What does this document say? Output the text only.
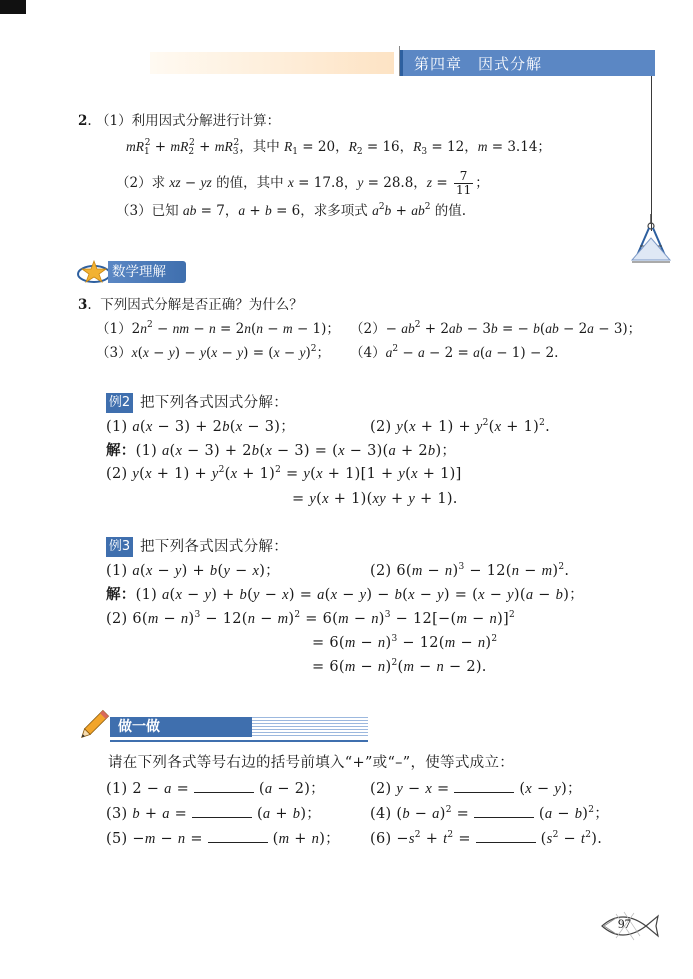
第四章　因式分解
2. （1）利用因式分解进行计算：
$mR_1^2 + mR_2^2 + mR_3^2$，其中 $R_1 = 20$，$R_2 = 16$，$R_3 = 12$，m = 3.14；
（2）求 xz − yz 的值，其中 x = 17.8，y = 28.8，$z = \frac{7}{11}$ ；
（3）已知 ab = 7，a + b = 6，求多项式 $a^2b + ab^2$ 的值.
数学理解
3.  下列因式分解是否正确？为什么？
$(1)2n^2$ − nm − n = 2n(n − m − 1)； $(2)- ab^2 + 2ab - 3b$ = − b(ab − 2a − 3)；
$(3)x(x - y) - y(x - y) = (x - y)^2$； $(4)a^2 - a - 2 = a(a - 1) - 2$.
例2 把下列各式因式分解：
(1) a(x − 3) + 2b(x − 3)；	(2) $y(x + 1) + y^2(x + 1)^2$.
解：(1) a(x − 3) + 2b(x − 3) = (x − 3)(a + 2b)；
(2) $y(x + 1) + y^2(x + 1)^2 = y(x + 1)[1 + y(x + 1)]$
= y(x + 1)(xy + y + 1).
例3 把下列各式因式分解：
(1) a(x − y) + b(y − x)；	(2) $6(m - n)^3 - 12(n - m)^2$.
解：(1) a(x − y) + b(y − x) = a(x − y) − b(x − y) = (x − y)(a − b)；
(2) $6(m - n)^3 - 12(n - m)^2 = 6(m - n)^3 - 12[-(m - n)]^2$
= $6(m - n)^3 - 12(m - n)^2$
= $6(m - n)^2(m - n - 2)$.
做一做
请在下列各式等号右边的括号前填入“+”或“–”，使等式成立：
(1) 2 − a =	(a − 2)；	(2) y − x =	(x − y)；
(3) b + a =	(a + b)；	(4) $(b - a)^2$ =	$(a - b)^2$；
(5) −m − n =	(m + n)； $(6) -s^2 + t^2$ =	$(s^2 - t^2)$.
97
